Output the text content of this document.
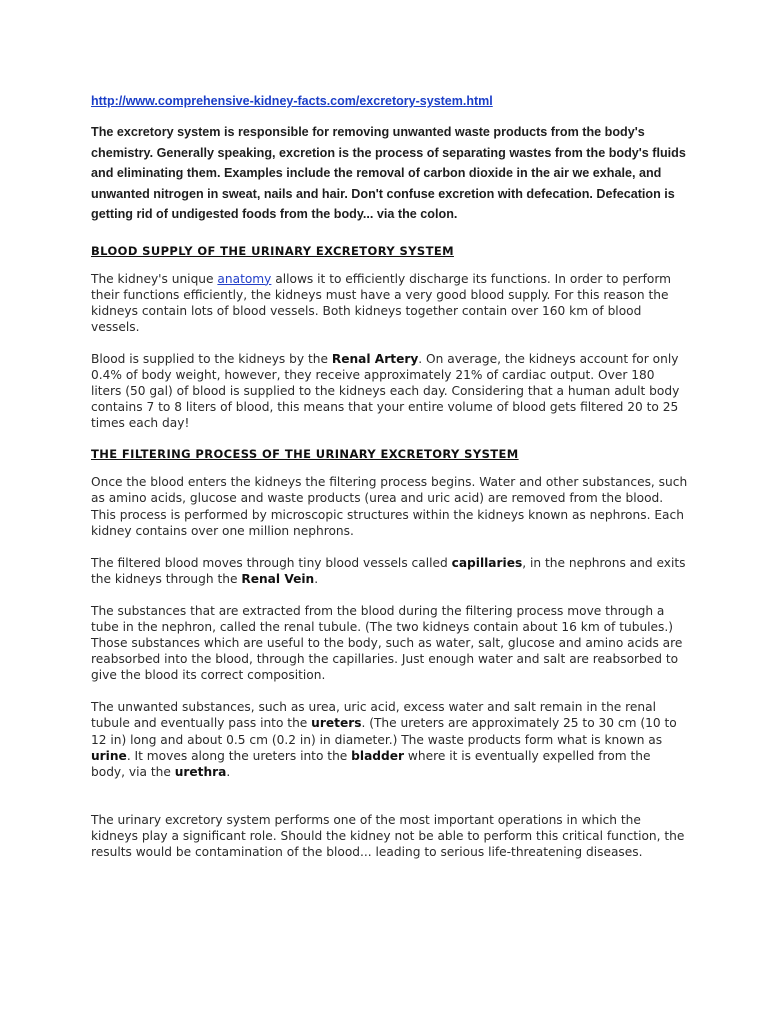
http://www.comprehensive-kidney-facts.com/excretory-system.html

The excretory system is responsible for removing unwanted waste products from the body's chemistry. Generally speaking, excretion is the process of separating wastes from the body's fluids and eliminating them. Examples include the removal of carbon dioxide in the air we exhale, and unwanted nitrogen in sweat, nails and hair. Don't confuse excretion with defecation. Defecation is getting rid of undigested foods from the body... via the colon.

BLOOD SUPPLY OF THE URINARY EXCRETORY SYSTEM

The kidney's unique anatomy allows it to efficiently discharge its functions. In order to perform their functions efficiently, the kidneys must have a very good blood supply. For this reason the kidneys contain lots of blood vessels. Both kidneys together contain over 160 km of blood vessels.

Blood is supplied to the kidneys by the Renal Artery. On average, the kidneys account for only 0.4% of body weight, however, they receive approximately 21% of cardiac output. Over 180 liters (50 gal) of blood is supplied to the kidneys each day. Considering that a human adult body contains 7 to 8 liters of blood, this means that your entire volume of blood gets filtered 20 to 25 times each day!

THE FILTERING PROCESS OF THE URINARY EXCRETORY SYSTEM

Once the blood enters the kidneys the filtering process begins. Water and other substances, such as amino acids, glucose and waste products (urea and uric acid) are removed from the blood. This process is performed by microscopic structures within the kidneys known as nephrons. Each kidney contains over one million nephrons.

The filtered blood moves through tiny blood vessels called capillaries, in the nephrons and exits the kidneys through the Renal Vein.

The substances that are extracted from the blood during the filtering process move through a tube in the nephron, called the renal tubule. (The two kidneys contain about 16 km of tubules.) Those substances which are useful to the body, such as water, salt, glucose and amino acids are reabsorbed into the blood, through the capillaries. Just enough water and salt are reabsorbed to give the blood its correct composition.

The unwanted substances, such as urea, uric acid, excess water and salt remain in the renal tubule and eventually pass into the ureters. (The ureters are approximately 25 to 30 cm (10 to 12 in) long and about 0.5 cm (0.2 in) in diameter.) The waste products form what is known as urine. It moves along the ureters into the bladder where it is eventually expelled from the body, via the urethra.

The urinary excretory system performs one of the most important operations in which the kidneys play a significant role. Should the kidney not be able to perform this critical function, the results would be contamination of the blood... leading to serious life-threatening diseases.
